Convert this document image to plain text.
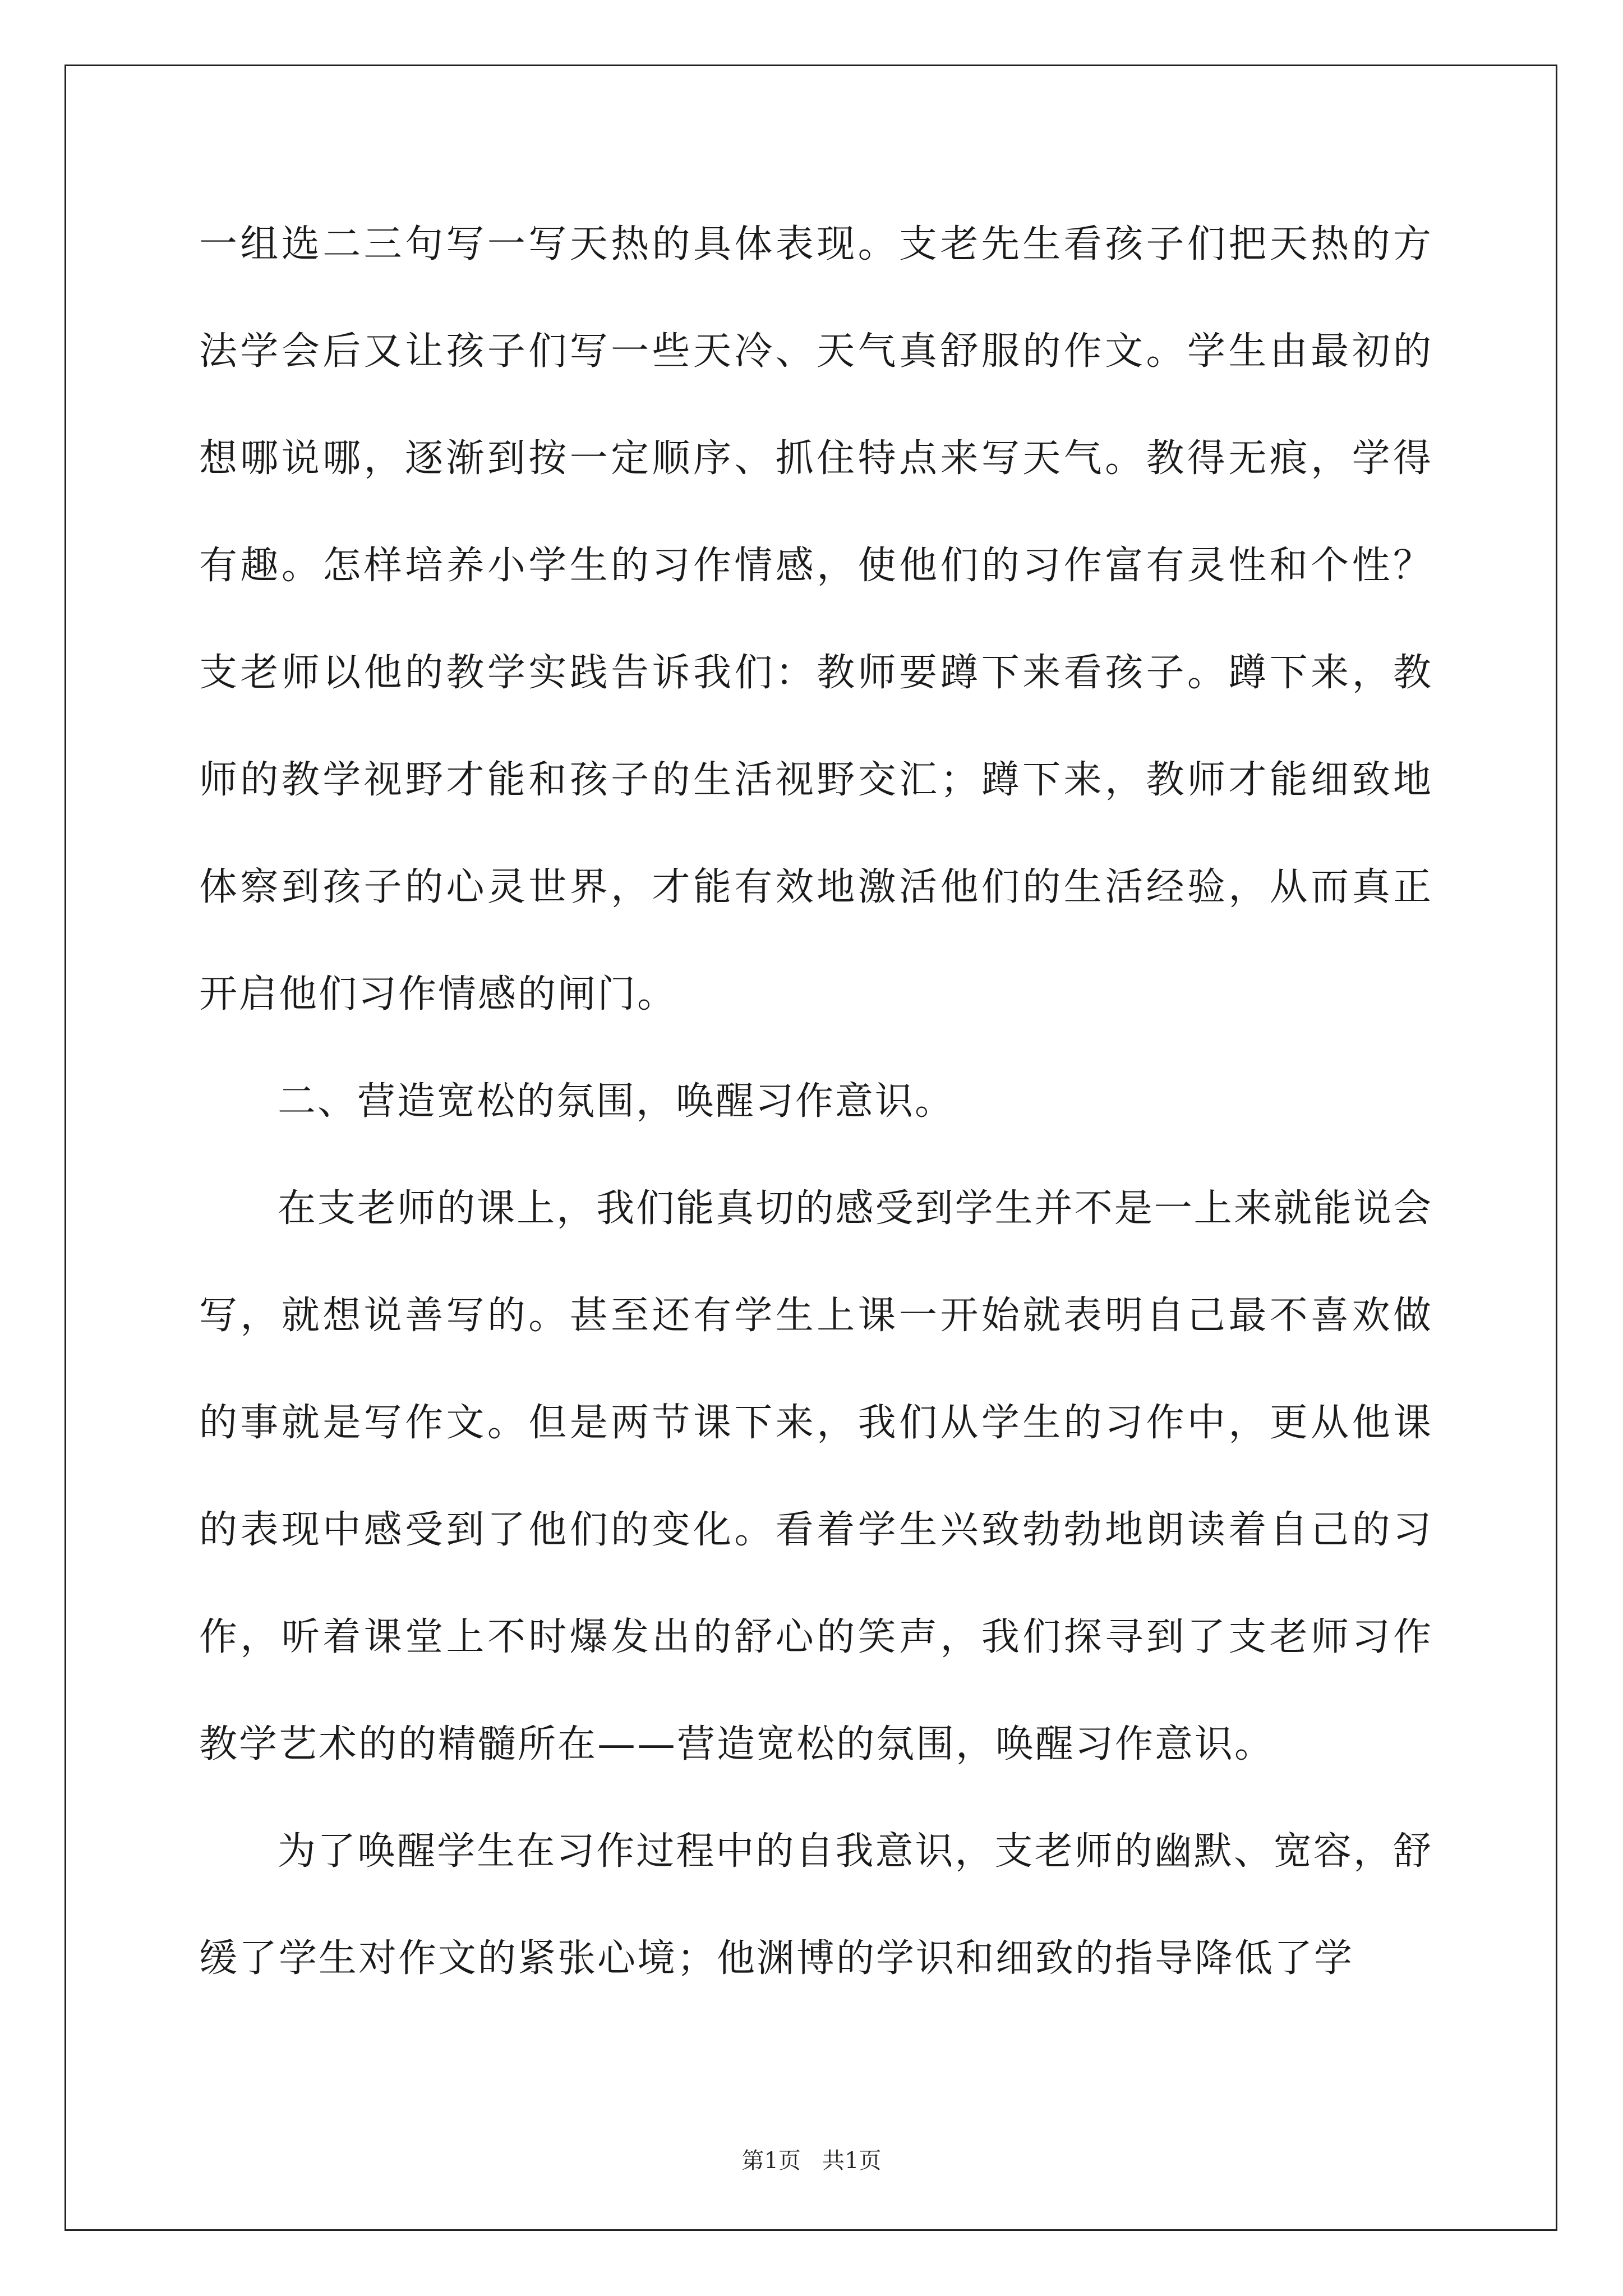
一组选二三句写一写天热的具体表现。支老先生看孩子们把天热的方法学会后又让孩子们写一些天冷、天气真舒服的作文。学生由最初的想哪说哪，逐渐到按一定顺序、抓住特点来写天气。教得无痕，学得有趣。怎样培养小学生的习作情感，使他们的习作富有灵性和个性？支老师以他的教学实践告诉我们：教师要蹲下来看孩子。蹲下来，教师的教学视野才能和孩子的生活视野交汇；蹲下来，教师才能细致地体察到孩子的心灵世界，才能有效地激活他们的生活经验，从而真正开启他们习作情感的闸门。

二、营造宽松的氛围，唤醒习作意识。

在支老师的课上，我们能真切的感受到学生并不是一上来就能说会写，就想说善写的。甚至还有学生上课一开始就表明自己最不喜欢做的事就是写作文。但是两节课下来，我们从学生的习作中，更从他课的表现中感受到了他们的变化。看着学生兴致勃勃地朗读着自己的习作，听着课堂上不时爆发出的舒心的笑声，我们探寻到了支老师习作教学艺术的的精髓所在——营造宽松的氛围，唤醒习作意识。

为了唤醒学生在习作过程中的自我意识，支老师的幽默、宽容，舒缓了学生对作文的紧张心境；他渊博的学识和细致的指导降低了学

第1页   共1页
